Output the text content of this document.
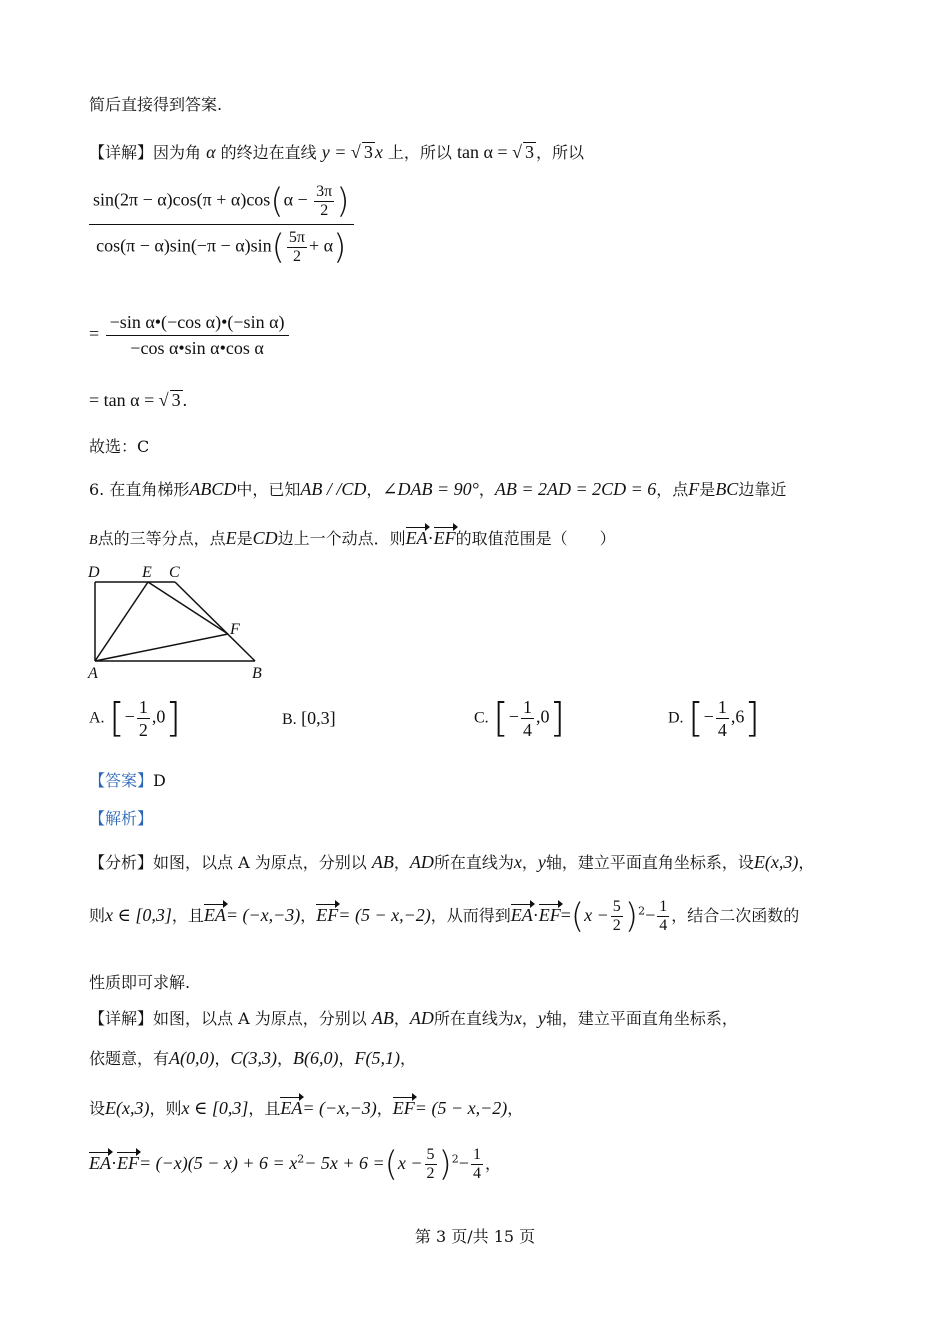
简后直接得到答案.
【详解】因为角 α 的终边在直线 y = √ 3 x 上，所以 tan α = √ 3 ，所以
$\frac{\sin(2\pi - \alpha)\cos(\pi + \alpha)\cos(\alpha - \frac{3\pi}{2} )}{\cos(\pi - \alpha)\sin(-\pi - \alpha)\sin( \frac{5\pi}{2} + \alpha)}$
= $\frac{\text{−sin α•(−cos α)•(−sin α)}}{\text{−cos α•sin α•cos α}}$
= tan α = √ 3 .
故选：C
6. 在直角梯形ABCD中，已知AB / /CD，∠DAB = 90°，AB = 2AD = 2CD = 6，点F是BC边靠近
B点的三等分点，点E是CD边上一个动点．则EA·EF的取值范围是（　　）
D	E C
F
A	B
A. [− $\frac{1}{2} ,0$]	B. [0,3]	C. [− $\frac{1}{4} ,0$]	D. [− $\frac{1}{4} ,6$]
【答案】D
【解析】
【分析】如图，以点 A 为原点，分别以 AB，AD所在直线为x，y轴，建立平面直角坐标系，设E(x,3)，
则x ∈ [0,3]，且EA= (−x,−3)，EF= (5 − x,−2)，从而得到$EA\cdot EF=(x - \frac{5}{2} )^2- \frac{1}{4}$ ，结合二次函数的
性质即可求解.
【详解】如图，以点 A 为原点，分别以 AB，AD所在直线为x，y轴，建立平面直角坐标系，
依题意，有A(0,0)，C(3,3)，B(6,0)，F(5,1)，
设E(x,3)，则x ∈ [0,3]，且EA= (−x,−3)，EF= (5 − x,−2)，
$EA\cdot EF= (-x)(5 - x) + 6 = x^2- 5x + 6 =(x - \frac{5}{2} )^2- \frac{1}{4}$ ，
第 3 页/共 15 页
